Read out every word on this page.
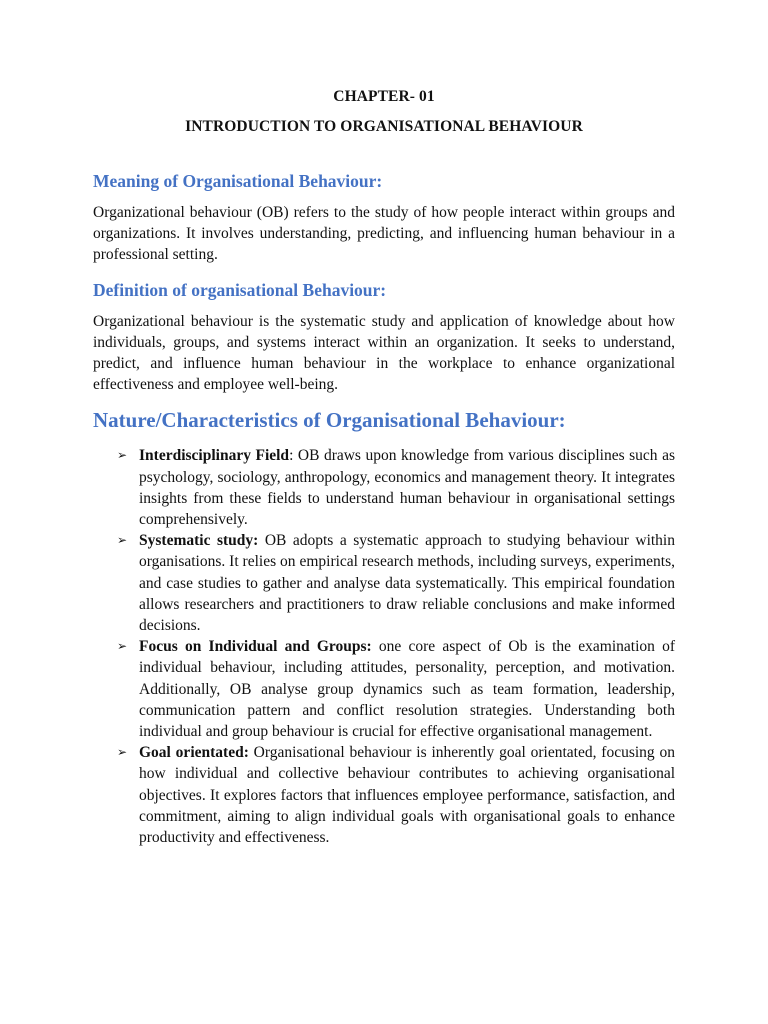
CHAPTER- 01
INTRODUCTION TO ORGANISATIONAL BEHAVIOUR
Meaning of Organisational Behaviour:

Organizational behaviour (OB) refers to the study of how people interact within groups and organizations. It involves understanding, predicting, and influencing human behaviour in a professional setting.

Definition of organisational Behaviour:

Organizational behaviour is the systematic study and application of knowledge about how individuals, groups, and systems interact within an organization. It seeks to understand, predict, and influence human behaviour in the workplace to enhance organizational effectiveness and employee well-being.

Nature/Characteristics of Organisational Behaviour:
➢ Interdisciplinary Field: OB draws upon knowledge from various disciplines such as psychology, sociology, anthropology, economics and management theory. It integrates insights from these fields to understand human behaviour in organisational settings comprehensively.
➢ Systematic study: OB adopts a systematic approach to studying behaviour within organisations. It relies on empirical research methods, including surveys, experiments, and case studies to gather and analyse data systematically. This empirical foundation allows researchers and practitioners to draw reliable conclusions and make informed decisions.
➢ Focus on Individual and Groups: one core aspect of Ob is the examination of individual behaviour, including attitudes, personality, perception, and motivation. Additionally, OB analyse group dynamics such as team formation, leadership, communication pattern and conflict resolution strategies. Understanding both individual and group behaviour is crucial for effective organisational management.
➢ Goal orientated: Organisational behaviour is inherently goal orientated, focusing on how individual and collective behaviour contributes to achieving organisational objectives. It explores factors that influences employee performance, satisfaction, and commitment, aiming to align individual goals with organisational goals to enhance productivity and effectiveness.
